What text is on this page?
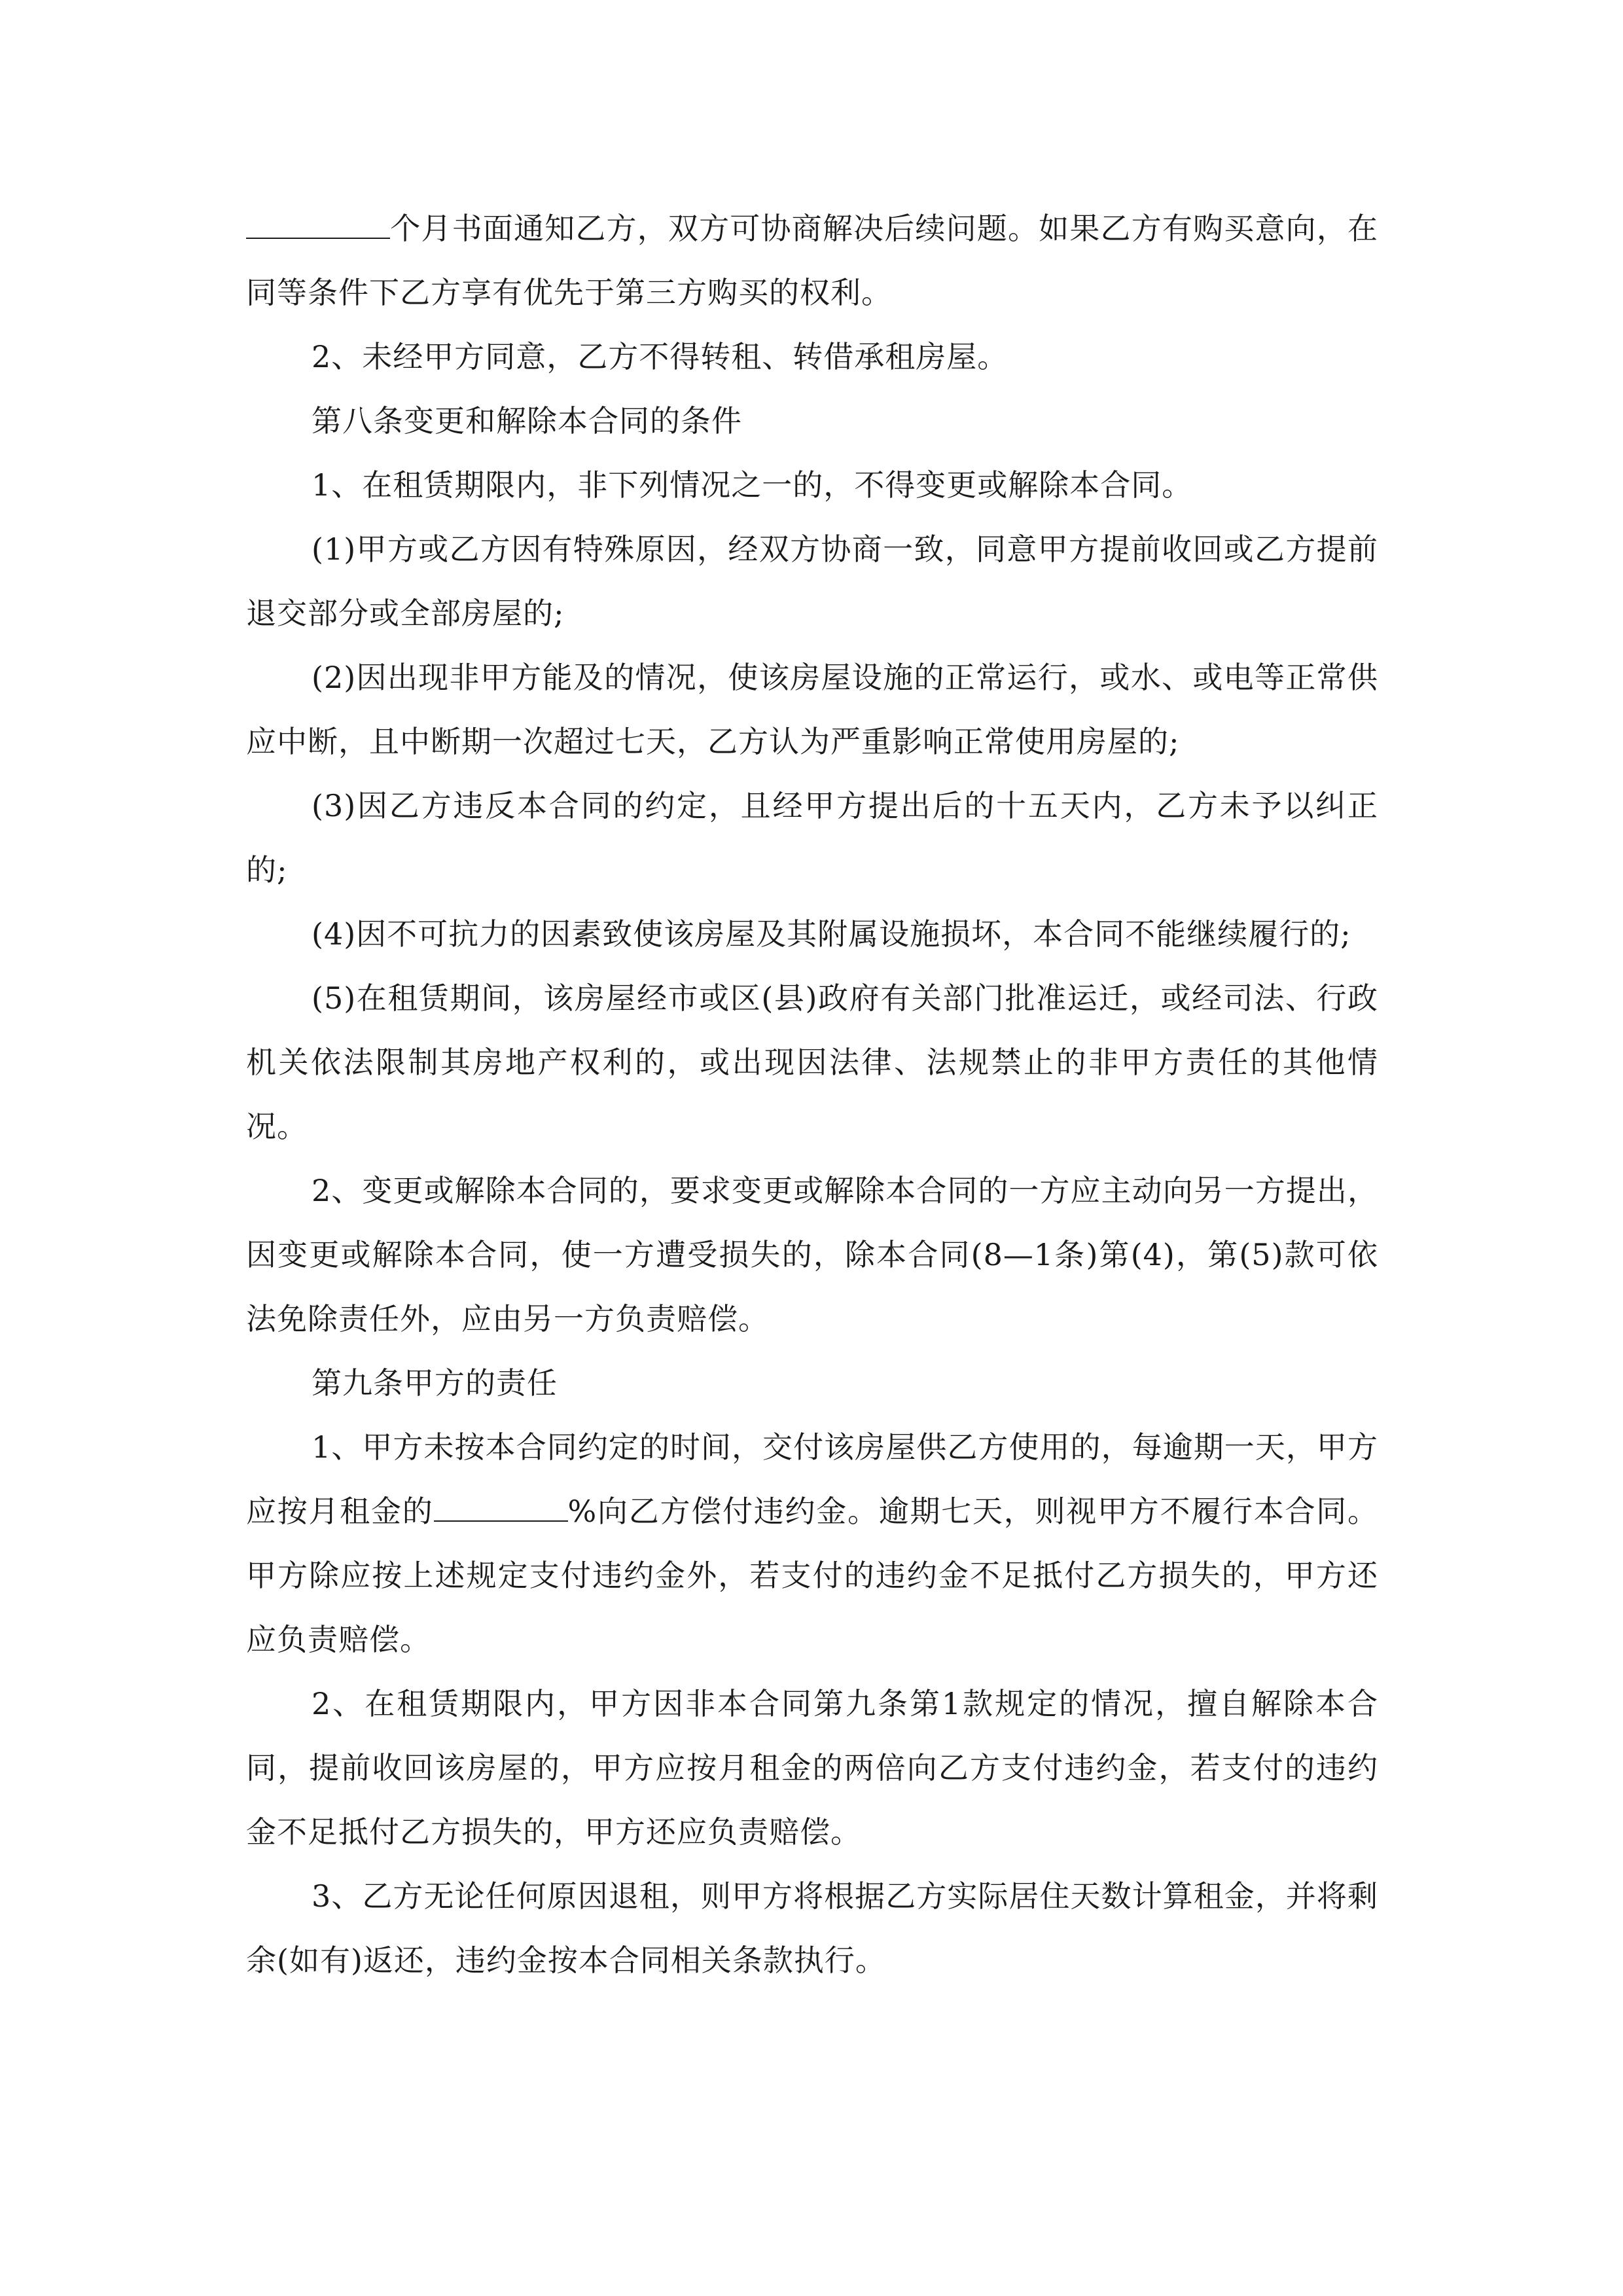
个月书面通知乙方，双方可协商解决后续问题。如果乙方有购买意向，在同等条件下乙方享有优先于第三方购买的权利。

2、未经甲方同意，乙方不得转租、转借承租房屋。

第八条变更和解除本合同的条件

1、在租赁期限内，非下列情况之一的，不得变更或解除本合同。

(1)甲方或乙方因有特殊原因，经双方协商一致，同意甲方提前收回或乙方提前退交部分或全部房屋的;

(2)因出现非甲方能及的情况，使该房屋设施的正常运行，或水、或电等正常供应中断，且中断期一次超过七天，乙方认为严重影响正常使用房屋的;

(3)因乙方违反本合同的约定，且经甲方提出后的十五天内，乙方未予以纠正的;

(4)因不可抗力的因素致使该房屋及其附属设施损坏，本合同不能继续履行的;

(5)在租赁期间，该房屋经市或区(县)政府有关部门批准运迁，或经司法、行政机关依法限制其房地产权利的，或出现因法律、法规禁止的非甲方责任的其他情况。

2、变更或解除本合同的，要求变更或解除本合同的一方应主动向另一方提出，因变更或解除本合同，使一方遭受损失的，除本合同(8—1条)第(4)，第(5)款可依法免除责任外，应由另一方负责赔偿。

第九条甲方的责任

1、甲方未按本合同约定的时间，交付该房屋供乙方使用的，每逾期一天，甲方应按月租金的	%向乙方偿付违约金。逾期七天，则视甲方不履行本合同。甲方除应按上述规定支付违约金外，若支付的违约金不足抵付乙方损失的，甲方还应负责赔偿。

2、在租赁期限内，甲方因非本合同第九条第1款规定的情况，擅自解除本合同，提前收回该房屋的，甲方应按月租金的两倍向乙方支付违约金，若支付的违约金不足抵付乙方损失的，甲方还应负责赔偿。

3、乙方无论任何原因退租，则甲方将根据乙方实际居住天数计算租金，并将剩余(如有)返还，违约金按本合同相关条款执行。
